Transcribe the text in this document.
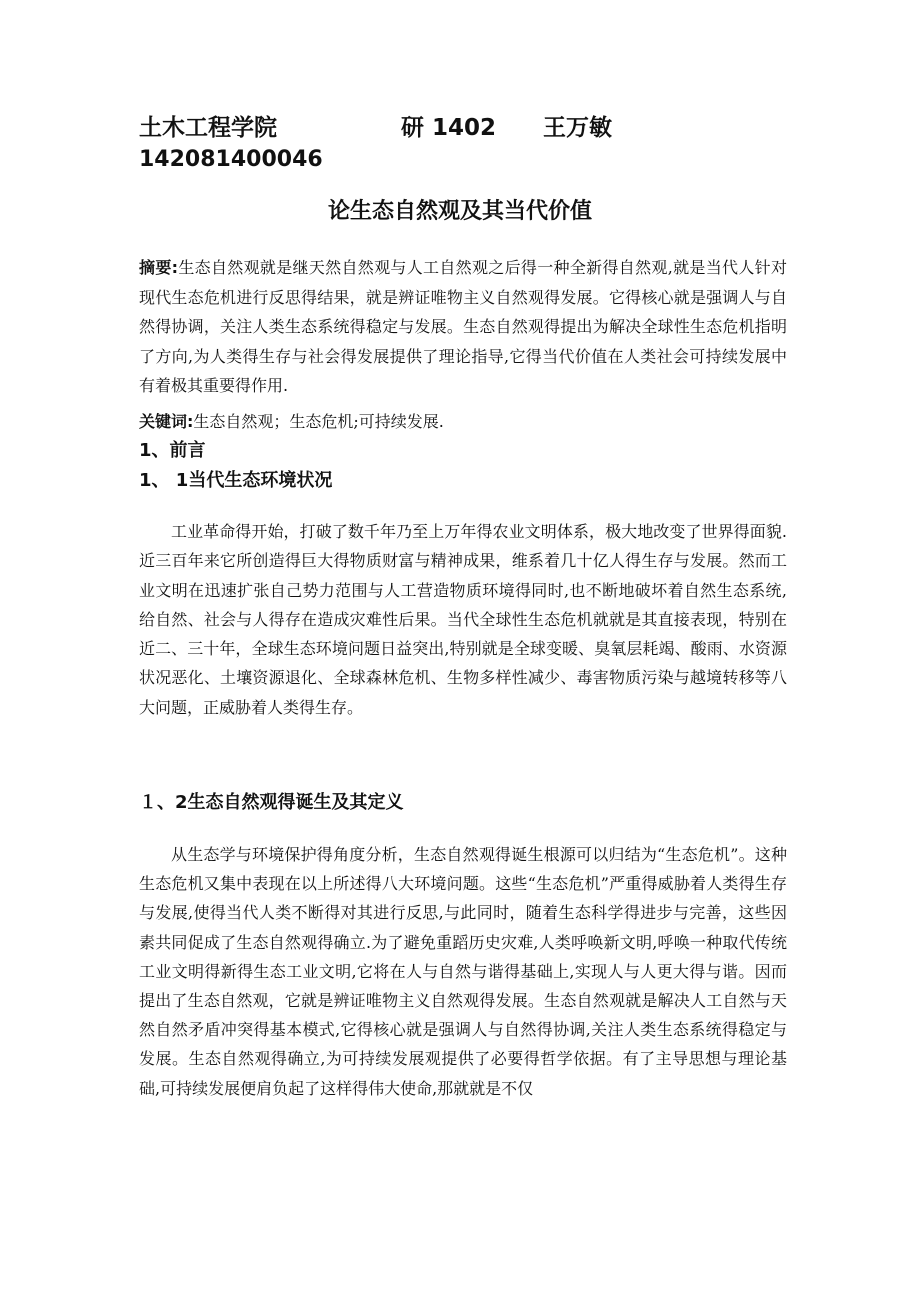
土木工程学院	研 1402 王万敏
142081400046
论生态自然观及其当代价值

摘要:生态自然观就是继天然自然观与人工自然观之后得一种全新得自然观,就是当代人针对现代生态危机进行反思得结果，就是辨证唯物主义自然观得发展。它得核心就是强调人与自然得协调，关注人类生态系统得稳定与发展。生态自然观得提出为解决全球性生态危机指明了方向,为人类得生存与社会得发展提供了理论指导,它得当代价值在人类社会可持续发展中有着极其重要得作用.

关键词:生态自然观；生态危机;可持续发展.

1、前言
1、 1当代生态环境状况

工业革命得开始，打破了数千年乃至上万年得农业文明体系，极大地改变了世界得面貌.近三百年来它所创造得巨大得物质财富与精神成果，维系着几十亿人得生存与发展。然而工业文明在迅速扩张自己势力范围与人工营造物质环境得同时,也不断地破坏着自然生态系统,给自然、社会与人得存在造成灾难性后果。当代全球性生态危机就就是其直接表现，特别在近二、三十年，全球生态环境问题日益突出,特别就是全球变暖、臭氧层耗竭、酸雨、水资源状况恶化、土壤资源退化、全球森林危机、生物多样性减少、毒害物质污染与越境转移等八大问题，正威胁着人类得生存。

１、2生态自然观得诞生及其定义

从生态学与环境保护得角度分析，生态自然观得诞生根源可以归结为“生态危机”。这种生态危机又集中表现在以上所述得八大环境问题。这些“生态危机”严重得威胁着人类得生存与发展,使得当代人类不断得对其进行反思,与此同时，随着生态科学得进步与完善，这些因素共同促成了生态自然观得确立.为了避免重蹈历史灾难,人类呼唤新文明,呼唤一种取代传统工业文明得新得生态工业文明,它将在人与自然与谐得基础上,实现人与人更大得与谐。因而提出了生态自然观，它就是辨证唯物主义自然观得发展。生态自然观就是解决人工自然与天然自然矛盾冲突得基本模式,它得核心就是强调人与自然得协调,关注人类生态系统得稳定与发展。生态自然观得确立,为可持续发展观提供了必要得哲学依据。有了主导思想与理论基础,可持续发展便肩负起了这样得伟大使命,那就就是不仅
